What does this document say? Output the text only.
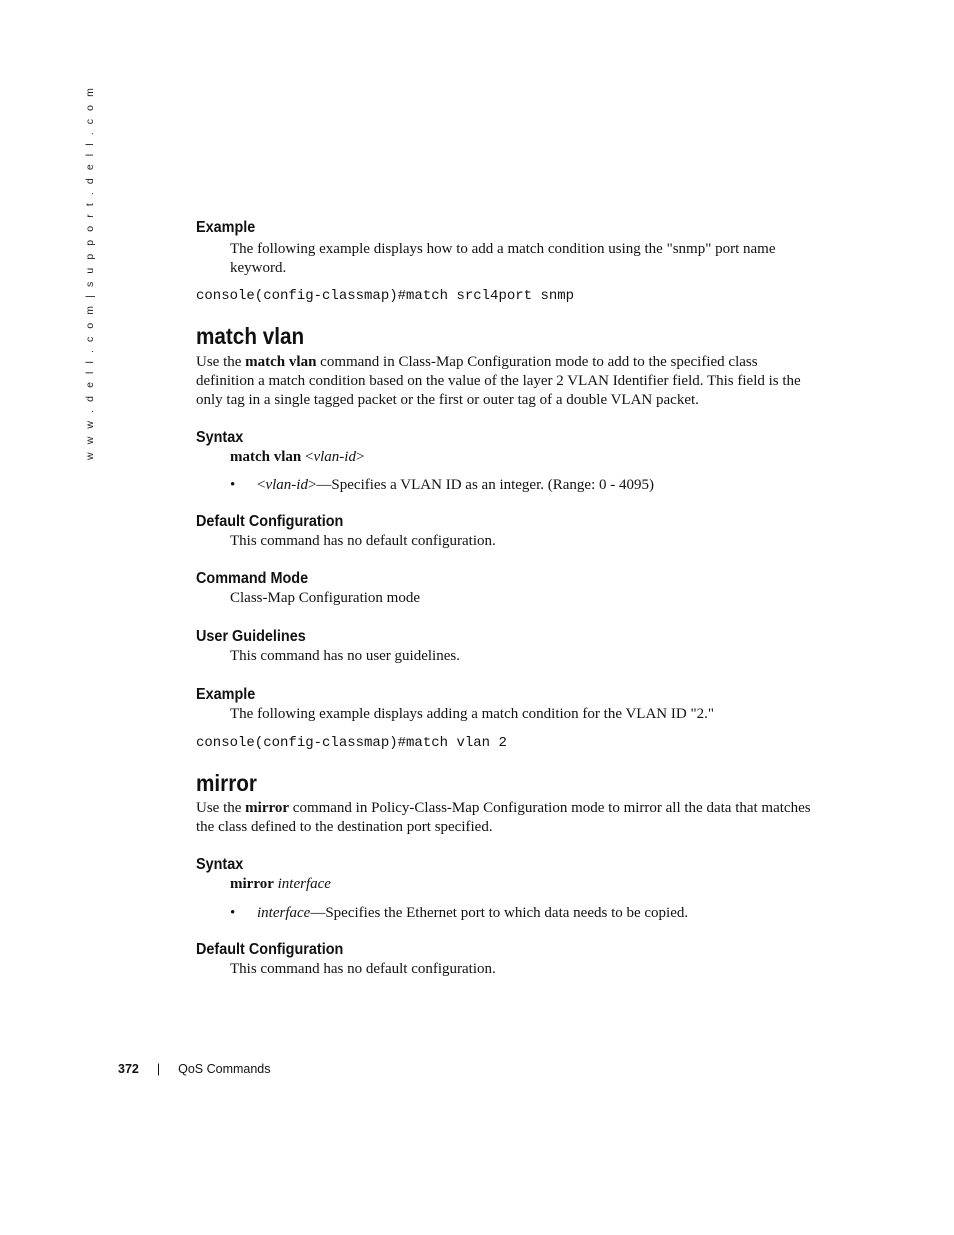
w w w . d e l l . c o m | s u p p o r t . d e l l . c o m	Example

The following example displays how to add a match condition using the "snmp" port name keyword.

console(config-classmap)#match srcl4port snmp

match vlan

Use the match vlan command in Class-Map Configuration mode to add to the specified class definition a match condition based on the value of the layer 2 VLAN Identifier field. This field is the only tag in a single tagged packet or the first or outer tag of a double VLAN packet.

Syntax

match vlan <vlan-id>

• <vlan-id>—Specifies a VLAN ID as an integer. (Range: 0 - 4095)

Default Configuration

This command has no default configuration.

Command Mode

Class-Map Configuration mode

User Guidelines

This command has no user guidelines.

Example

The following example displays adding a match condition for the VLAN ID "2."

console(config-classmap)#match vlan 2

mirror

Use the mirror command in Policy-Class-Map Configuration mode to mirror all the data that matches the class defined to the destination port specified.

Syntax

mirror interface

• interface—Specifies the Ethernet port to which data needs to be copied.

Default Configuration

This command has no default configuration.

372 | QoS Commands
